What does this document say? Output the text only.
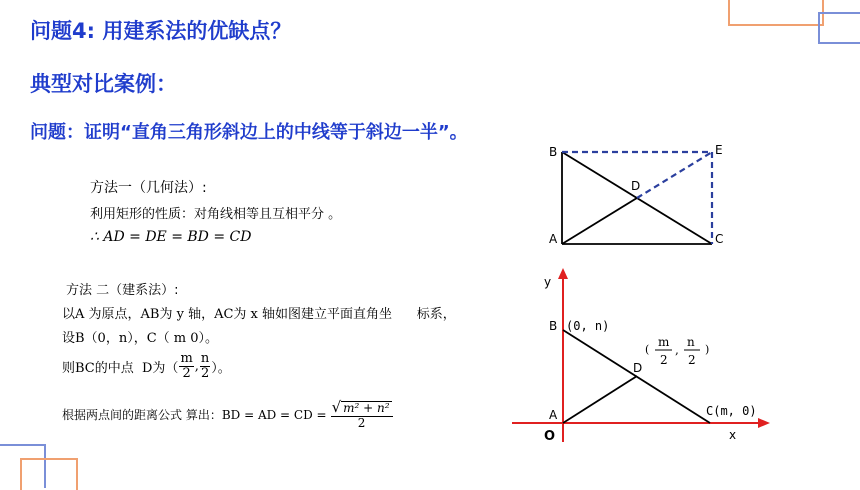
问题4: 用建系法的优缺点？
典型对比案例：
问题：证明“直角三角形斜边上的中线等于斜边一半”。
方法一（几何法）:
利用矩形的性质：对角线相等且互相平分 。
∴ AD = DE = BD = CD
方法 二（建系法）:
以A 为原点，AB为 y 轴，AC为 x 轴如图建立平面直角坐      标系，
设B（0，n），C（ m 0）。
则BC的中点  D为（ $\frac{m}{2}$ , $\frac{n}{2}$ ）。
根据两点间的距离公式 算出：BD = AD = CD = $\frac{\text{√ m² + n²}}{2}$
B	E
D
A	C
y
B (0, n)
D
(
m
2
,
n
2
)
A
O
C(m, 0)
x
